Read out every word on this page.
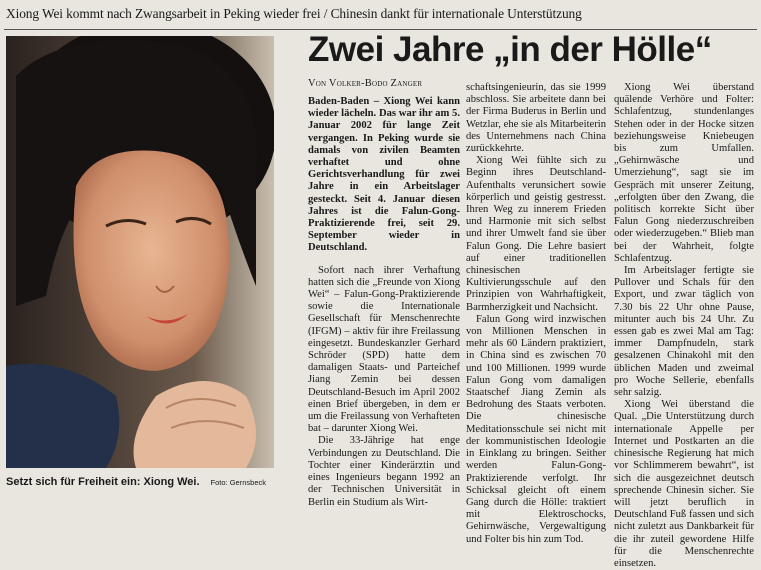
Xiong Wei kommt nach Zwangsarbeit in Peking wieder frei / Chinesin dankt für internationale Unterstützung
Setzt sich für Freiheit ein: Xiong Wei. Foto: Gernsbeck
Zwei Jahre „in der Hölle“
Von Volker-Bodo Zanger

Baden-Baden – Xiong Wei kann wieder lächeln. Das war ihr am 5. Januar 2002 für lange Zeit vergangen. In Peking wurde sie damals von zivilen Beamten verhaftet und ohne Gerichtsverhandlung für zwei Jahre in ein Arbeitslager gesteckt. Seit 4. Januar diesen Jahres ist die Falun-Gong-Praktizierende frei, seit 29. September wieder in Deutschland.

Sofort nach ihrer Verhaftung hatten sich die „Freunde von Xiong Wei“ – Falun-Gong-Praktizierende sowie die Internationale Gesellschaft für Menschenrechte (IFGM) – aktiv für ihre Freilassung eingesetzt. Bundeskanzler Gerhard Schröder (SPD) hatte dem damaligen Staats- und Parteichef Jiang Zemin bei dessen Deutschland-Besuch im April 2002 einen Brief übergeben, in dem er um die Freilassung von Verhafteten bat – darunter Xiong Wei.

Die 33-Jährige hat enge Verbindungen zu Deutschland. Die Tochter einer Kinderärztin und eines Ingenieurs begann 1992 an der Technischen Universität in Berlin ein Studium als Wirt-

schaftsingenieurin, das sie 1999 abschloss. Sie arbeitete dann bei der Firma Buderus in Berlin und Wetzlar, ehe sie als Mitarbeiterin des Unternehmens nach China zurückkehrte.

Xiong Wei fühlte sich zu Beginn ihres Deutschland-Aufenthalts verunsichert sowie körperlich und geistig gestresst. Ihren Weg zu innerem Frieden und Harmonie mit sich selbst und ihrer Umwelt fand sie über Falun Gong. Die Lehre basiert auf einer traditionellen chinesischen Kultivierungsschule auf den Prinzipien von Wahrhaftigkeit, Barmherzigkeit und Nachsicht.

Falun Gong wird inzwischen von Millionen Menschen in mehr als 60 Ländern praktiziert, in China sind es zwischen 70 und 100 Millionen. 1999 wurde Falun Gong vom damaligen Staatschef Jiang Zemin als Bedrohung des Staats verboten. Die chinesische Meditationsschule sei nicht mit der kommunistischen Ideologie in Einklang zu bringen. Seither werden Falun-Gong-Praktizierende verfolgt. Ihr Schicksal gleicht oft einem Gang durch die Hölle: traktiert mit Elektroschocks, Gehirnwäsche, Vergewaltigung und Folter bis hin zum Tod.

Xiong Wei überstand quälende Verhöre und Folter: Schlafentzug, stundenlanges Stehen oder in der Hocke sitzen beziehungsweise Kniebeugen bis zum Umfallen. „Gehirnwäsche und Umerziehung“, sagt sie im Gespräch mit unserer Zeitung, „erfolgten über den Zwang, die politisch korrekte Sicht über Falun Gong niederzuschreiben oder wiederzugeben.“ Blieb man bei der Wahrheit, folgte Schlafentzug.

Im Arbeitslager fertigte sie Pullover und Schals für den Export, und zwar täglich von 7.30 bis 22 Uhr ohne Pause, mitunter auch bis 24 Uhr. Zu essen gab es zwei Mal am Tag: immer Dampfnudeln, stark gesalzenen Chinakohl mit den üblichen Maden und zweimal pro Woche Sellerie, ebenfalls sehr salzig.

Xiong Wei überstand die Qual. „Die Unterstützung durch internationale Appelle per Internet und Postkarten an die chinesische Regierung hat mich vor Schlimmerem bewahrt“, ist sich die ausgezeichnet deutsch sprechende Chinesin sicher. Sie will jetzt beruflich in Deutschland Fuß fassen und sich nicht zuletzt aus Dankbarkeit für die ihr zuteil gewordene Hilfe für die Menschenrechte einsetzen.
